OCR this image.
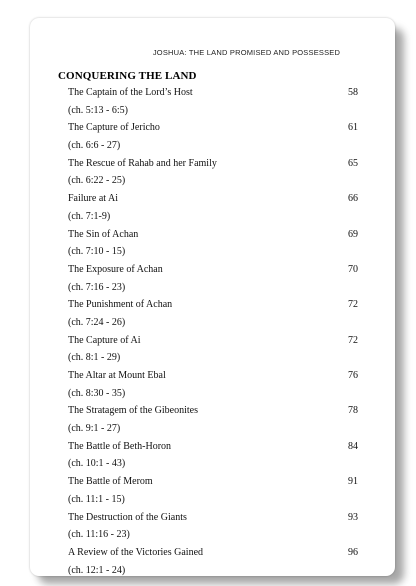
JOSHUA: THE LAND PROMISED AND POSSESSED
CONQUERING THE LAND
The Captain of the Lord’s Host	58
(ch. 5:13 - 6:5)
The Capture of Jericho	61
(ch. 6:6 - 27)
The Rescue of Rahab and her Family	65
(ch. 6:22 - 25)
Failure at Ai	66
(ch. 7:1-9)
The Sin of Achan	69
(ch. 7:10 - 15)
The Exposure of Achan	70
(ch. 7:16 - 23)
The Punishment of Achan	72
(ch. 7:24 - 26)
The Capture of Ai	72
(ch. 8:1 - 29)
The Altar at Mount Ebal	76
(ch. 8:30 - 35)
The Stratagem of the Gibeonites	78
(ch. 9:1 - 27)
The Battle of Beth-Horon	84
(ch. 10:1 - 43)
The Battle of Merom	91
(ch. 11:1 - 15)
The Destruction of the Giants	93
(ch. 11:16 - 23)
A Review of the Victories Gained	96
(ch. 12:1 - 24)
